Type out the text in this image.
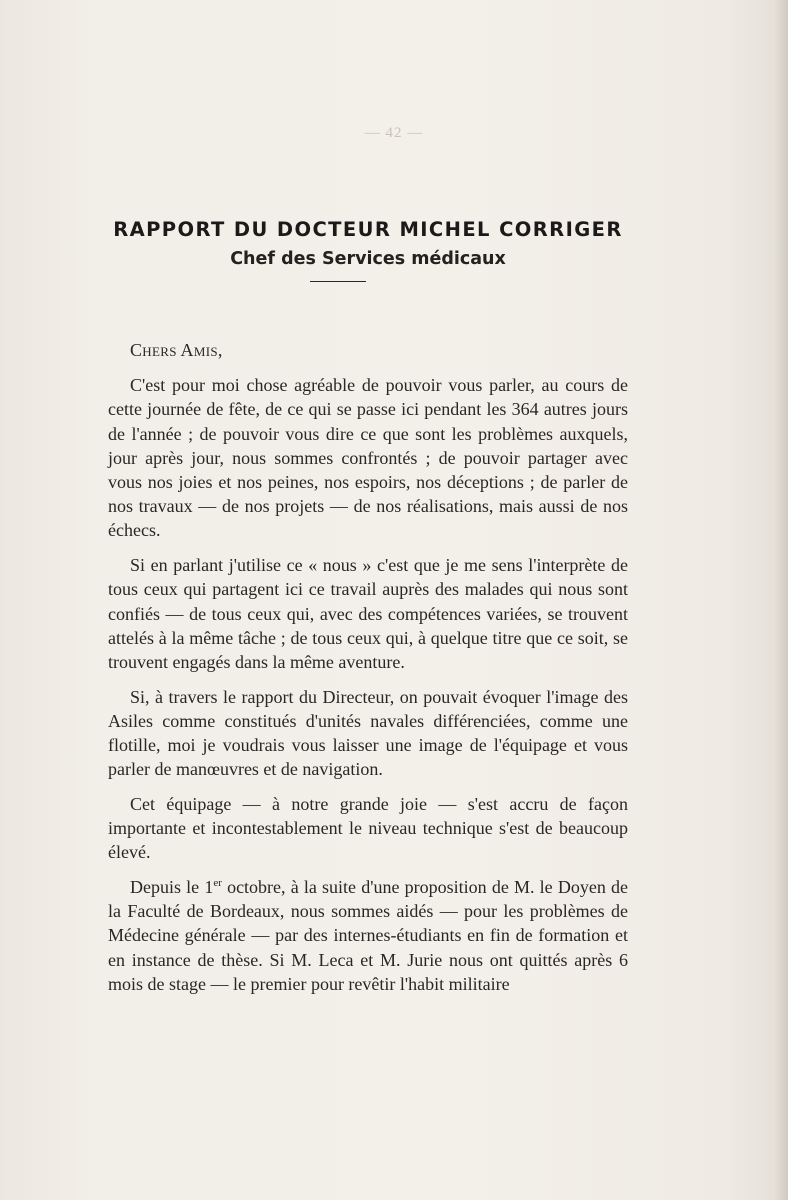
— 42 —
RAPPORT DU DOCTEUR MICHEL CORRIGER
Chef des Services médicaux

Chers Amis,

C'est pour moi chose agréable de pouvoir vous parler, au cours de cette journée de fête, de ce qui se passe ici pendant les 364 autres jours de l'année ; de pouvoir vous dire ce que sont les problèmes auxquels, jour après jour, nous sommes confrontés ; de pouvoir partager avec vous nos joies et nos peines, nos espoirs, nos déceptions ; de parler de nos travaux — de nos projets — de nos réalisations, mais aussi de nos échecs.

Si en parlant j'utilise ce « nous » c'est que je me sens l'interprète de tous ceux qui partagent ici ce travail auprès des malades qui nous sont confiés — de tous ceux qui, avec des compétences variées, se trouvent attelés à la même tâche ; de tous ceux qui, à quelque titre que ce soit, se trouvent engagés dans la même aventure.

Si, à travers le rapport du Directeur, on pouvait évoquer l'image des Asiles comme constitués d'unités navales différenciées, comme une flotille, moi je voudrais vous laisser une image de l'équipage et vous parler de manœuvres et de navigation.

Cet équipage — à notre grande joie — s'est accru de façon importante et incontestablement le niveau technique s'est de beaucoup élevé.

Depuis le 1er octobre, à la suite d'une proposition de M. le Doyen de la Faculté de Bordeaux, nous sommes aidés — pour les problèmes de Médecine générale — par des internes-étudiants en fin de formation et en instance de thèse. Si M. Leca et M. Jurie nous ont quittés après 6 mois de stage — le premier pour revêtir l'habit militaire
